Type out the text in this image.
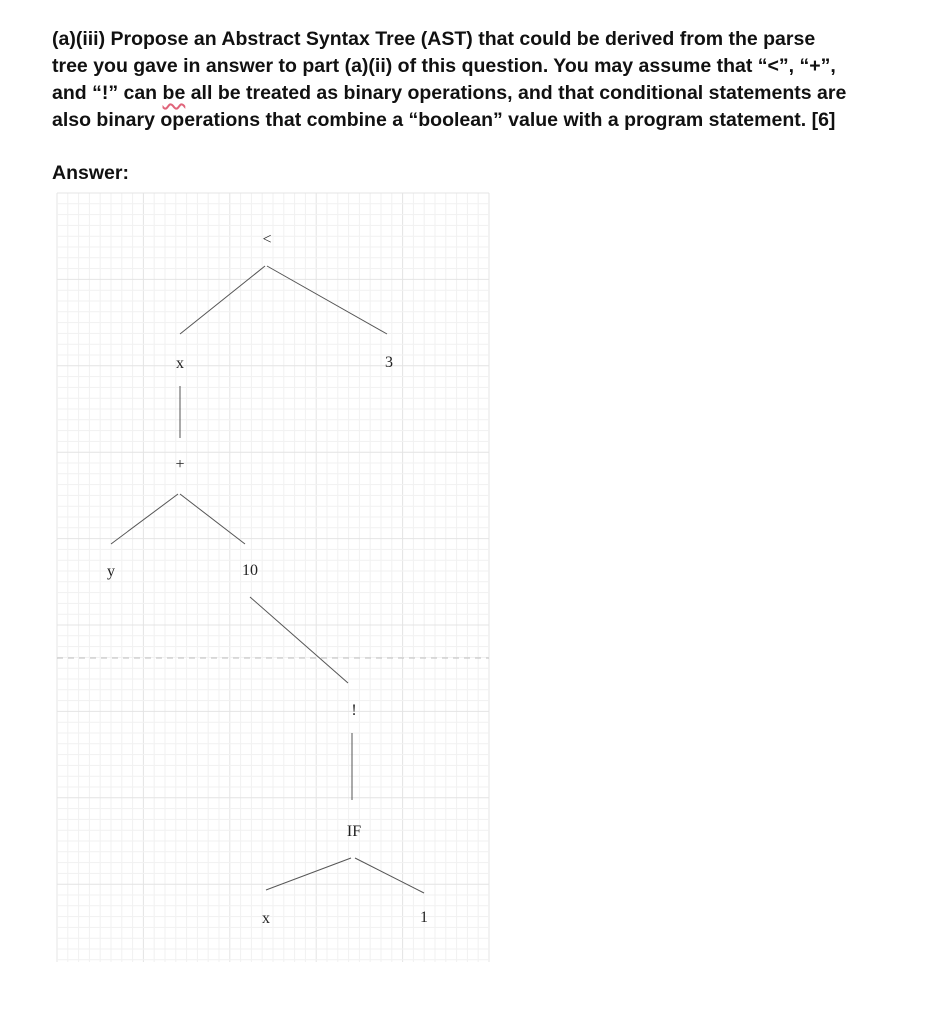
(a)(iii) Propose an Abstract Syntax Tree (AST) that could be derived from the parse
tree you gave in answer to part (a)(ii) of this question. You may assume that “<”, “+”,
and “!” can be all be treated as binary operations, and that conditional statements are
also binary operations that combine a “boolean” value with a program statement. [6]
Answer:
<
x	3
+
y	10
!
IF
x	1
